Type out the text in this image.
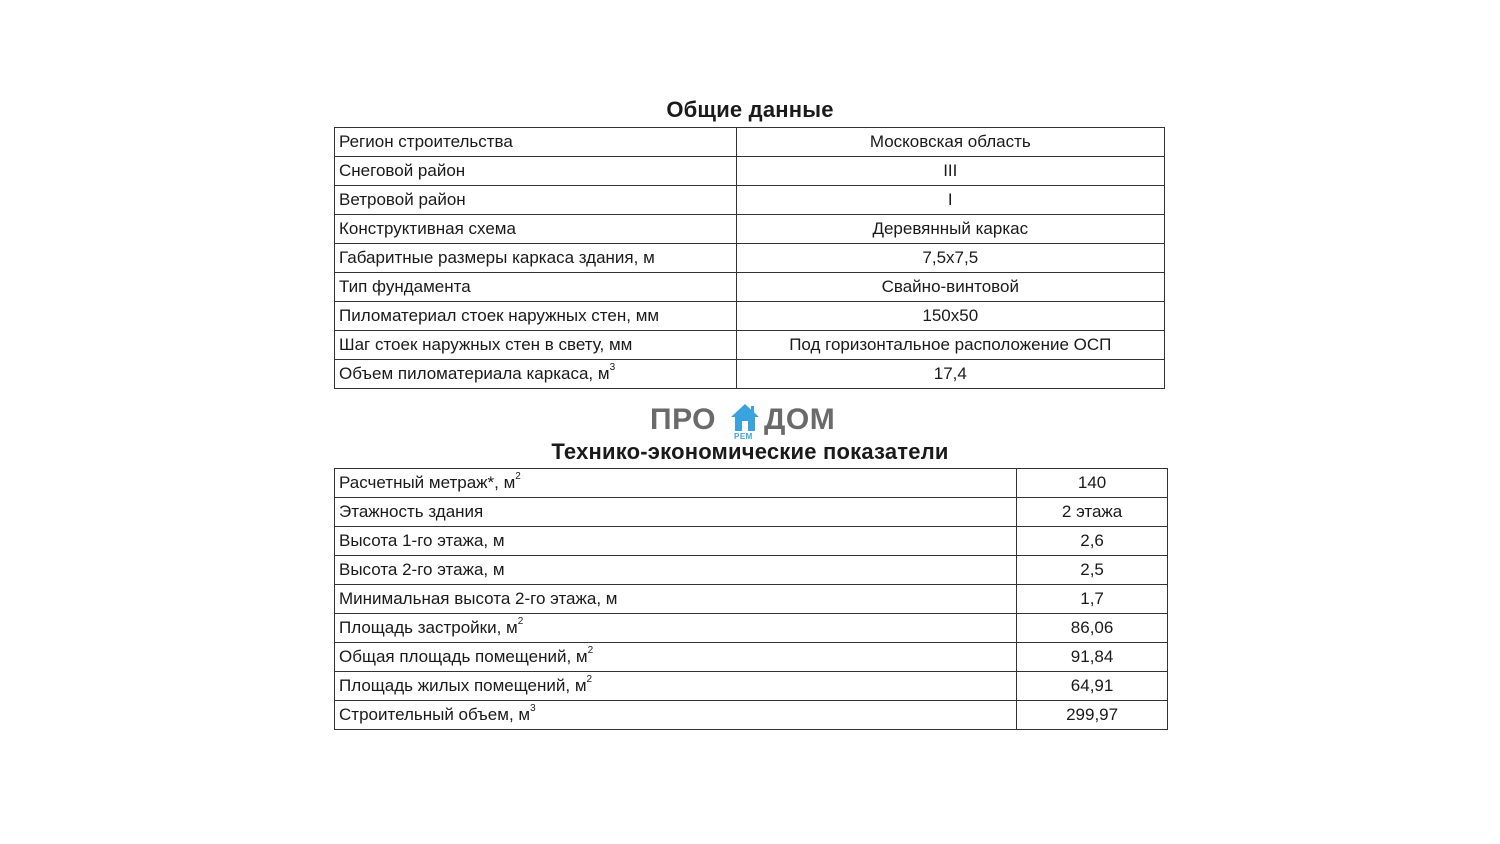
Общие данные
Регион строительства	Московская область
Снеговой район	III
Ветровой район	I
Конструктивная схема	Деревянный каркас
Габаритные размеры каркаса здания, м	7,5х7,5
Тип фундамента	Свайно-винтовой
Пиломатериал стоек наружных стен, мм	150х50
Шаг стоек наружных стен в свету, мм	Под горизонтальное расположение ОСП
Объем пиломатериала каркаса, $м^3$	17,4
ПРО
РЕМ
ДОМ
Технико-экономические показатели
Расчетный метраж*, $м^2$	140
Этажность здания	2 этажа
Высота 1-го этажа, м	2,6
Высота 2-го этажа, м	2,5
Минимальная высота 2-го этажа, м	1,7
Площадь застройки, $м^2$	86,06
Общая площадь помещений, $м^2$	91,84
Площадь жилых помещений, $м^2$	64,91
Строительный объем, $м^3$	299,97
